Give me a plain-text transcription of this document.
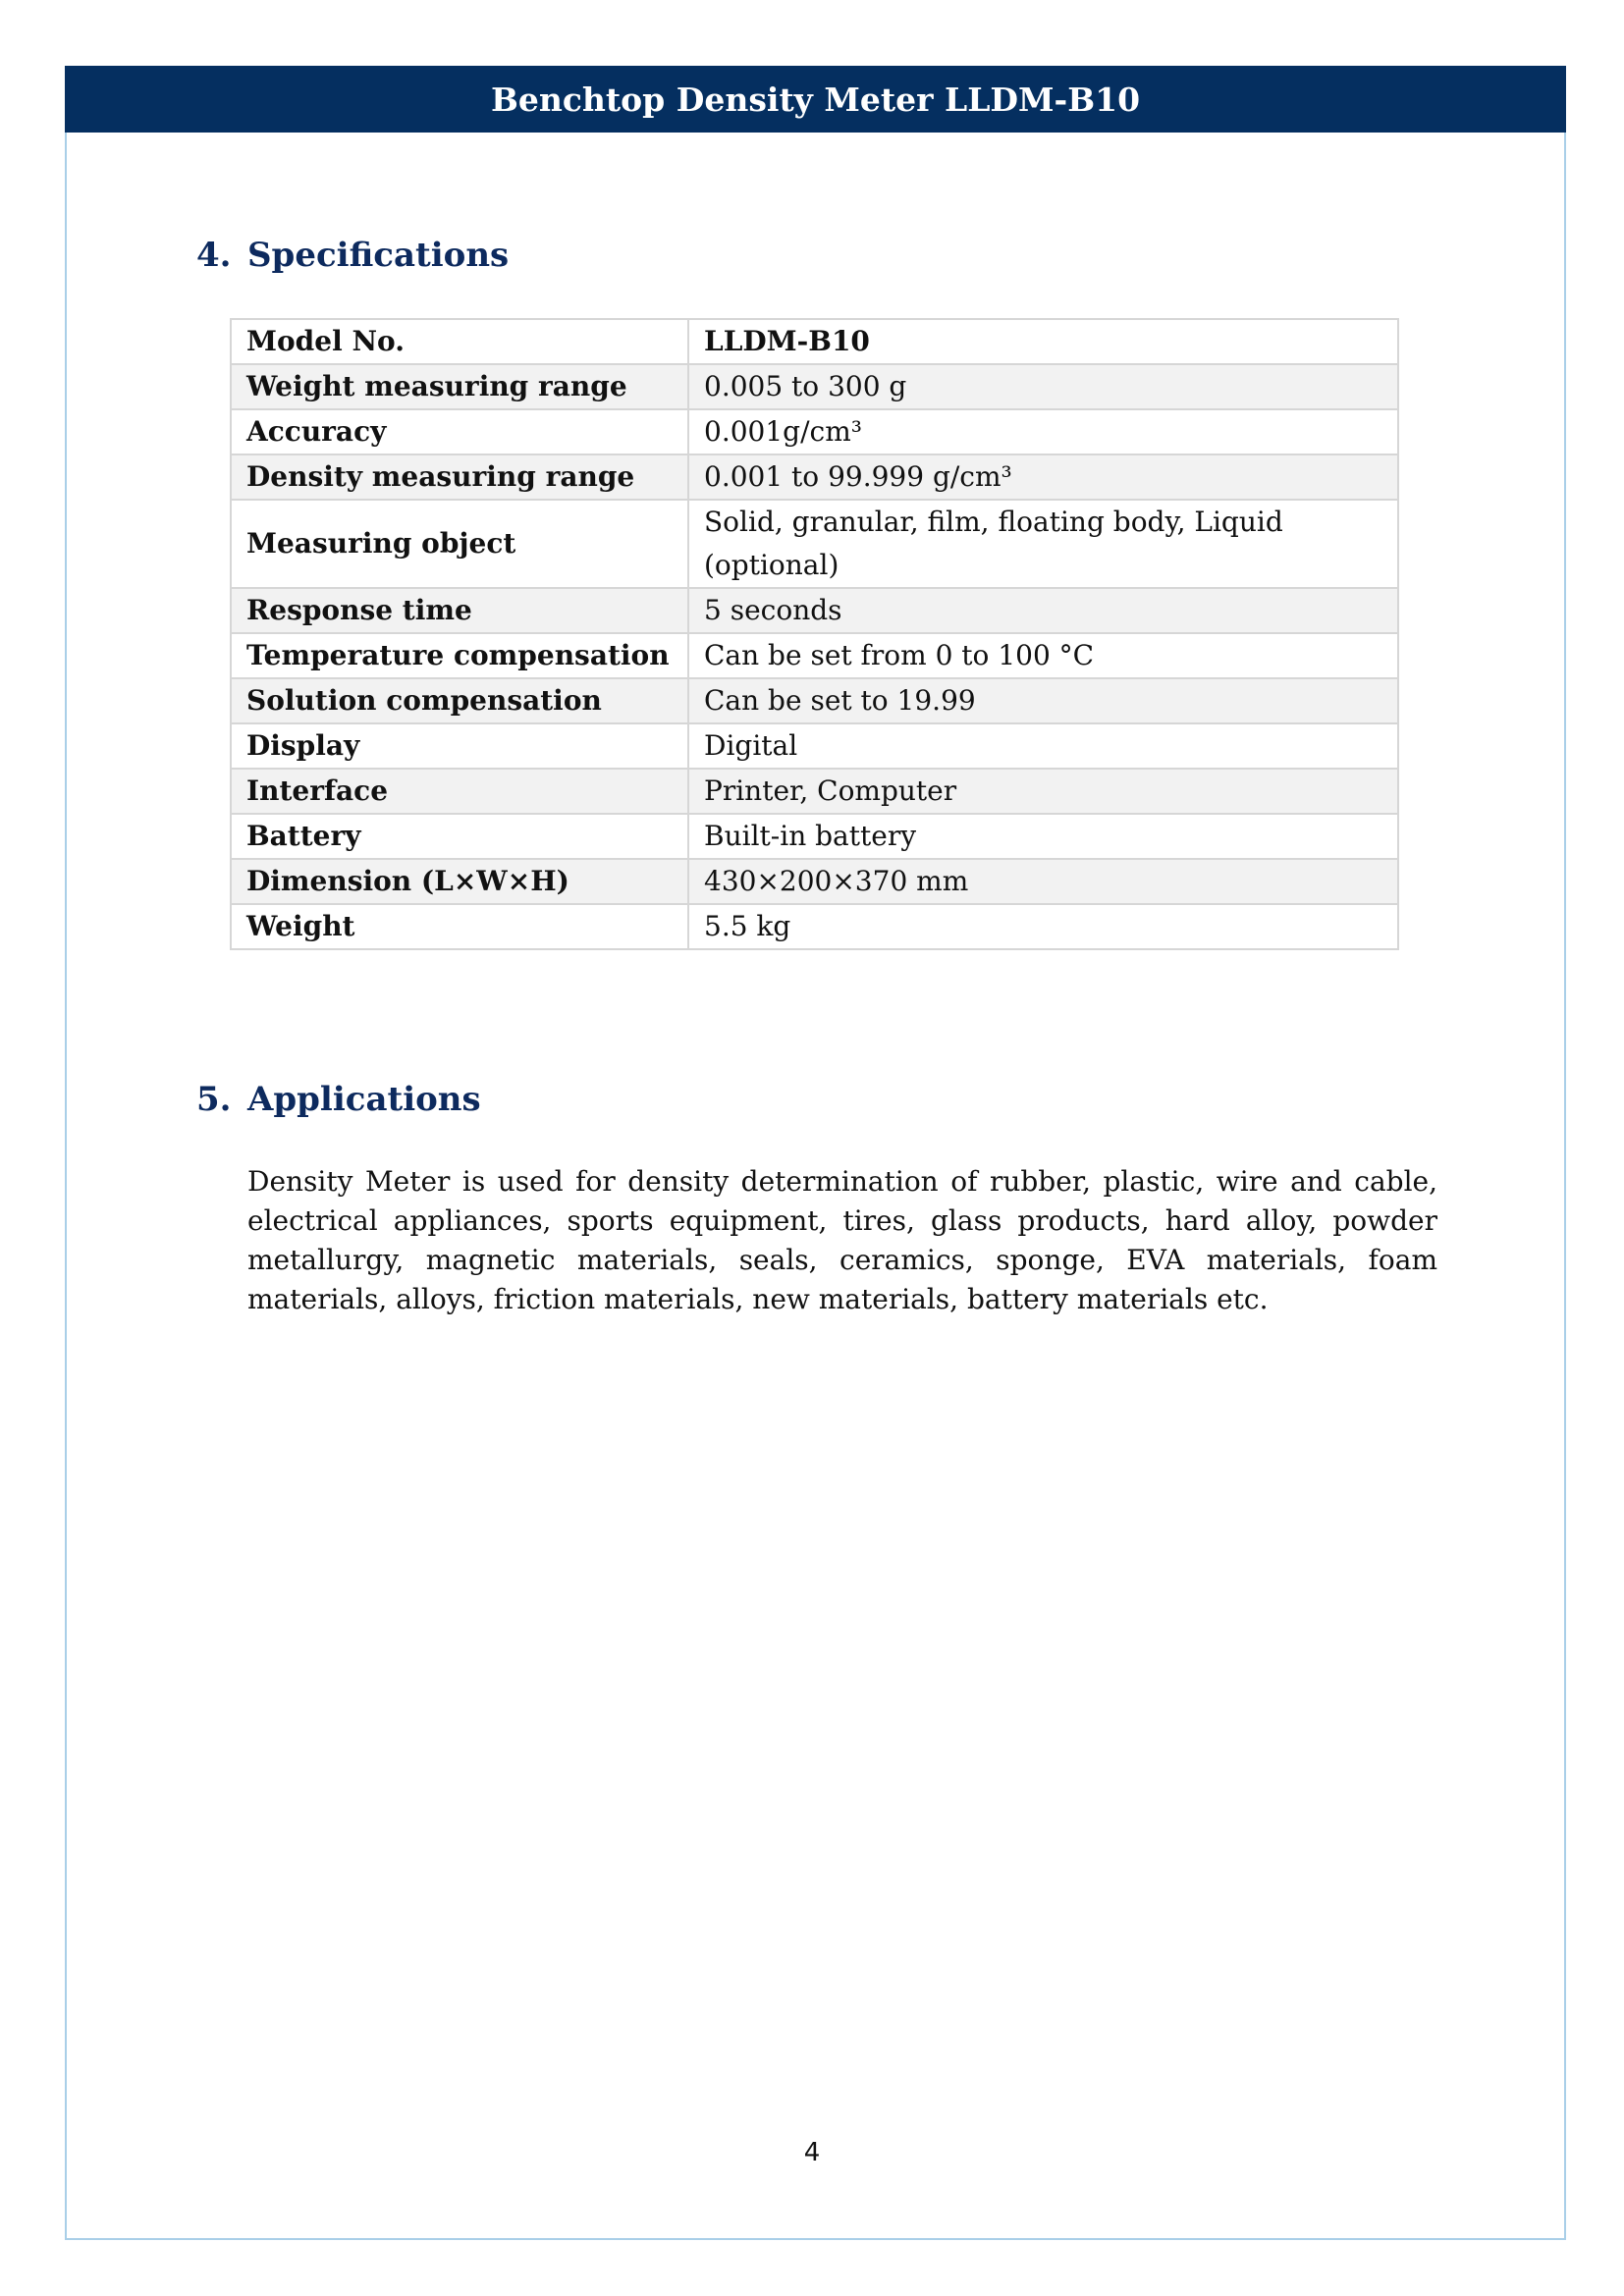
Benchtop Density Meter LLDM-B10
4. Specifications
Model No.	LLDM-B10
Weight measuring range	0.005 to 300 g
Accuracy	0.001g/cm³
Density measuring range	0.001 to 99.999 g/cm³
Measuring object	Solid, granular, film, floating body, Liquid (optional)
Response time	5 seconds
Temperature compensation	Can be set from 0 to 100 °C
Solution compensation	Can be set to 19.99
Display	Digital
Interface	Printer, Computer
Battery	Built-in battery
Dimension (L×W×H)	430×200×370 mm
Weight	5.5 kg
5. Applications

Density Meter is used for density determination of rubber, plastic, wire and cable, electrical appliances, sports equipment, tires, glass products, hard alloy, powder metallurgy, magnetic materials, seals, ceramics, sponge, EVA materials, foam materials, alloys, friction materials, new materials, battery materials etc.

4
